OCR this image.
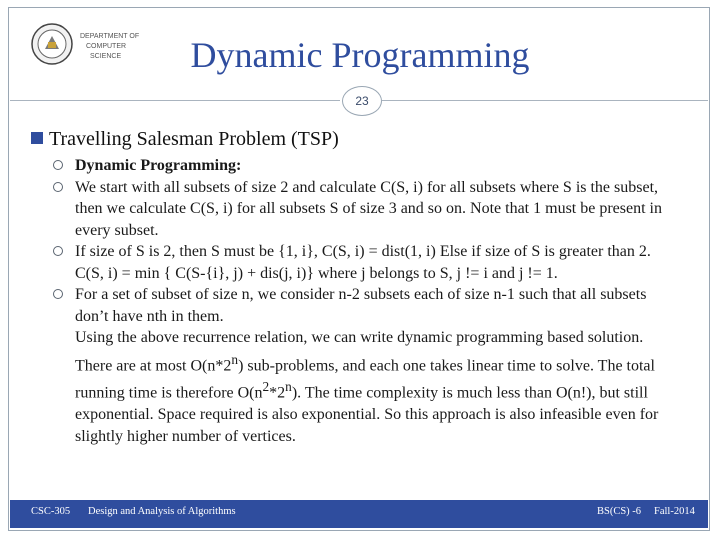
DEPARTMENT OF
COMPUTER
SCIENCE	Dynamic Programming
23
Travelling Salesman Problem (TSP)
Dynamic Programming:
We start with all subsets of size 2 and calculate C(S, i) for all subsets where S is the subset, then we calculate C(S, i) for all subsets S of size 3 and so on. Note that 1 must be present in every subset.
If size of S is 2, then S must be {1, i}, C(S, i) = dist(1, i) Else if size of S is greater than 2. C(S, i) = min { C(S-{i}, j) + dis(j, i)} where j belongs to S, j != i and j != 1.
For a set of subset of size n, we consider n-2 subsets each of size n-1 such that all subsets don’t have nth in them.
Using the above recurrence relation, we can write dynamic programming based solution. There are at most O(n*2$^n$) sub-problems, and each one takes linear time to solve. The total running time is therefore $O(n^2*2^n)$. The time complexity is much less than O(n!), but still exponential. Space required is also exponential. So this approach is also infeasible even for slightly higher number of vertices.
CSC-305 Design and Analysis of Algorithms	BS(CS) -6 Fall-2014
